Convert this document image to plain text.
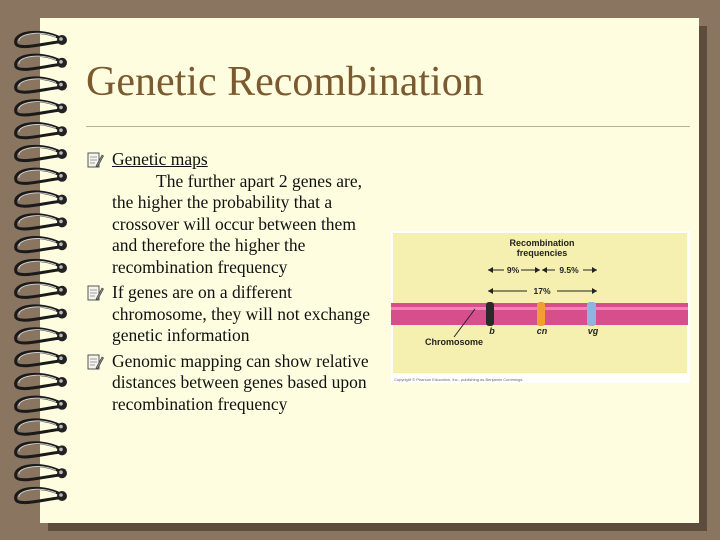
Genetic Recombination
Genetic maps
The further apart 2 genes are, the higher the probability that a crossover will occur between them and therefore the higher the recombination frequency
If genes are on a different chromosome, they will not exchange genetic information
Genomic mapping can show relative distances between genes based upon recombination frequency
Recombination
frequencies
9%	9.5%
17%
b	cn	vg
Chromosome
Copyright © Pearson Education, Inc., publishing as Benjamin Cummings.
